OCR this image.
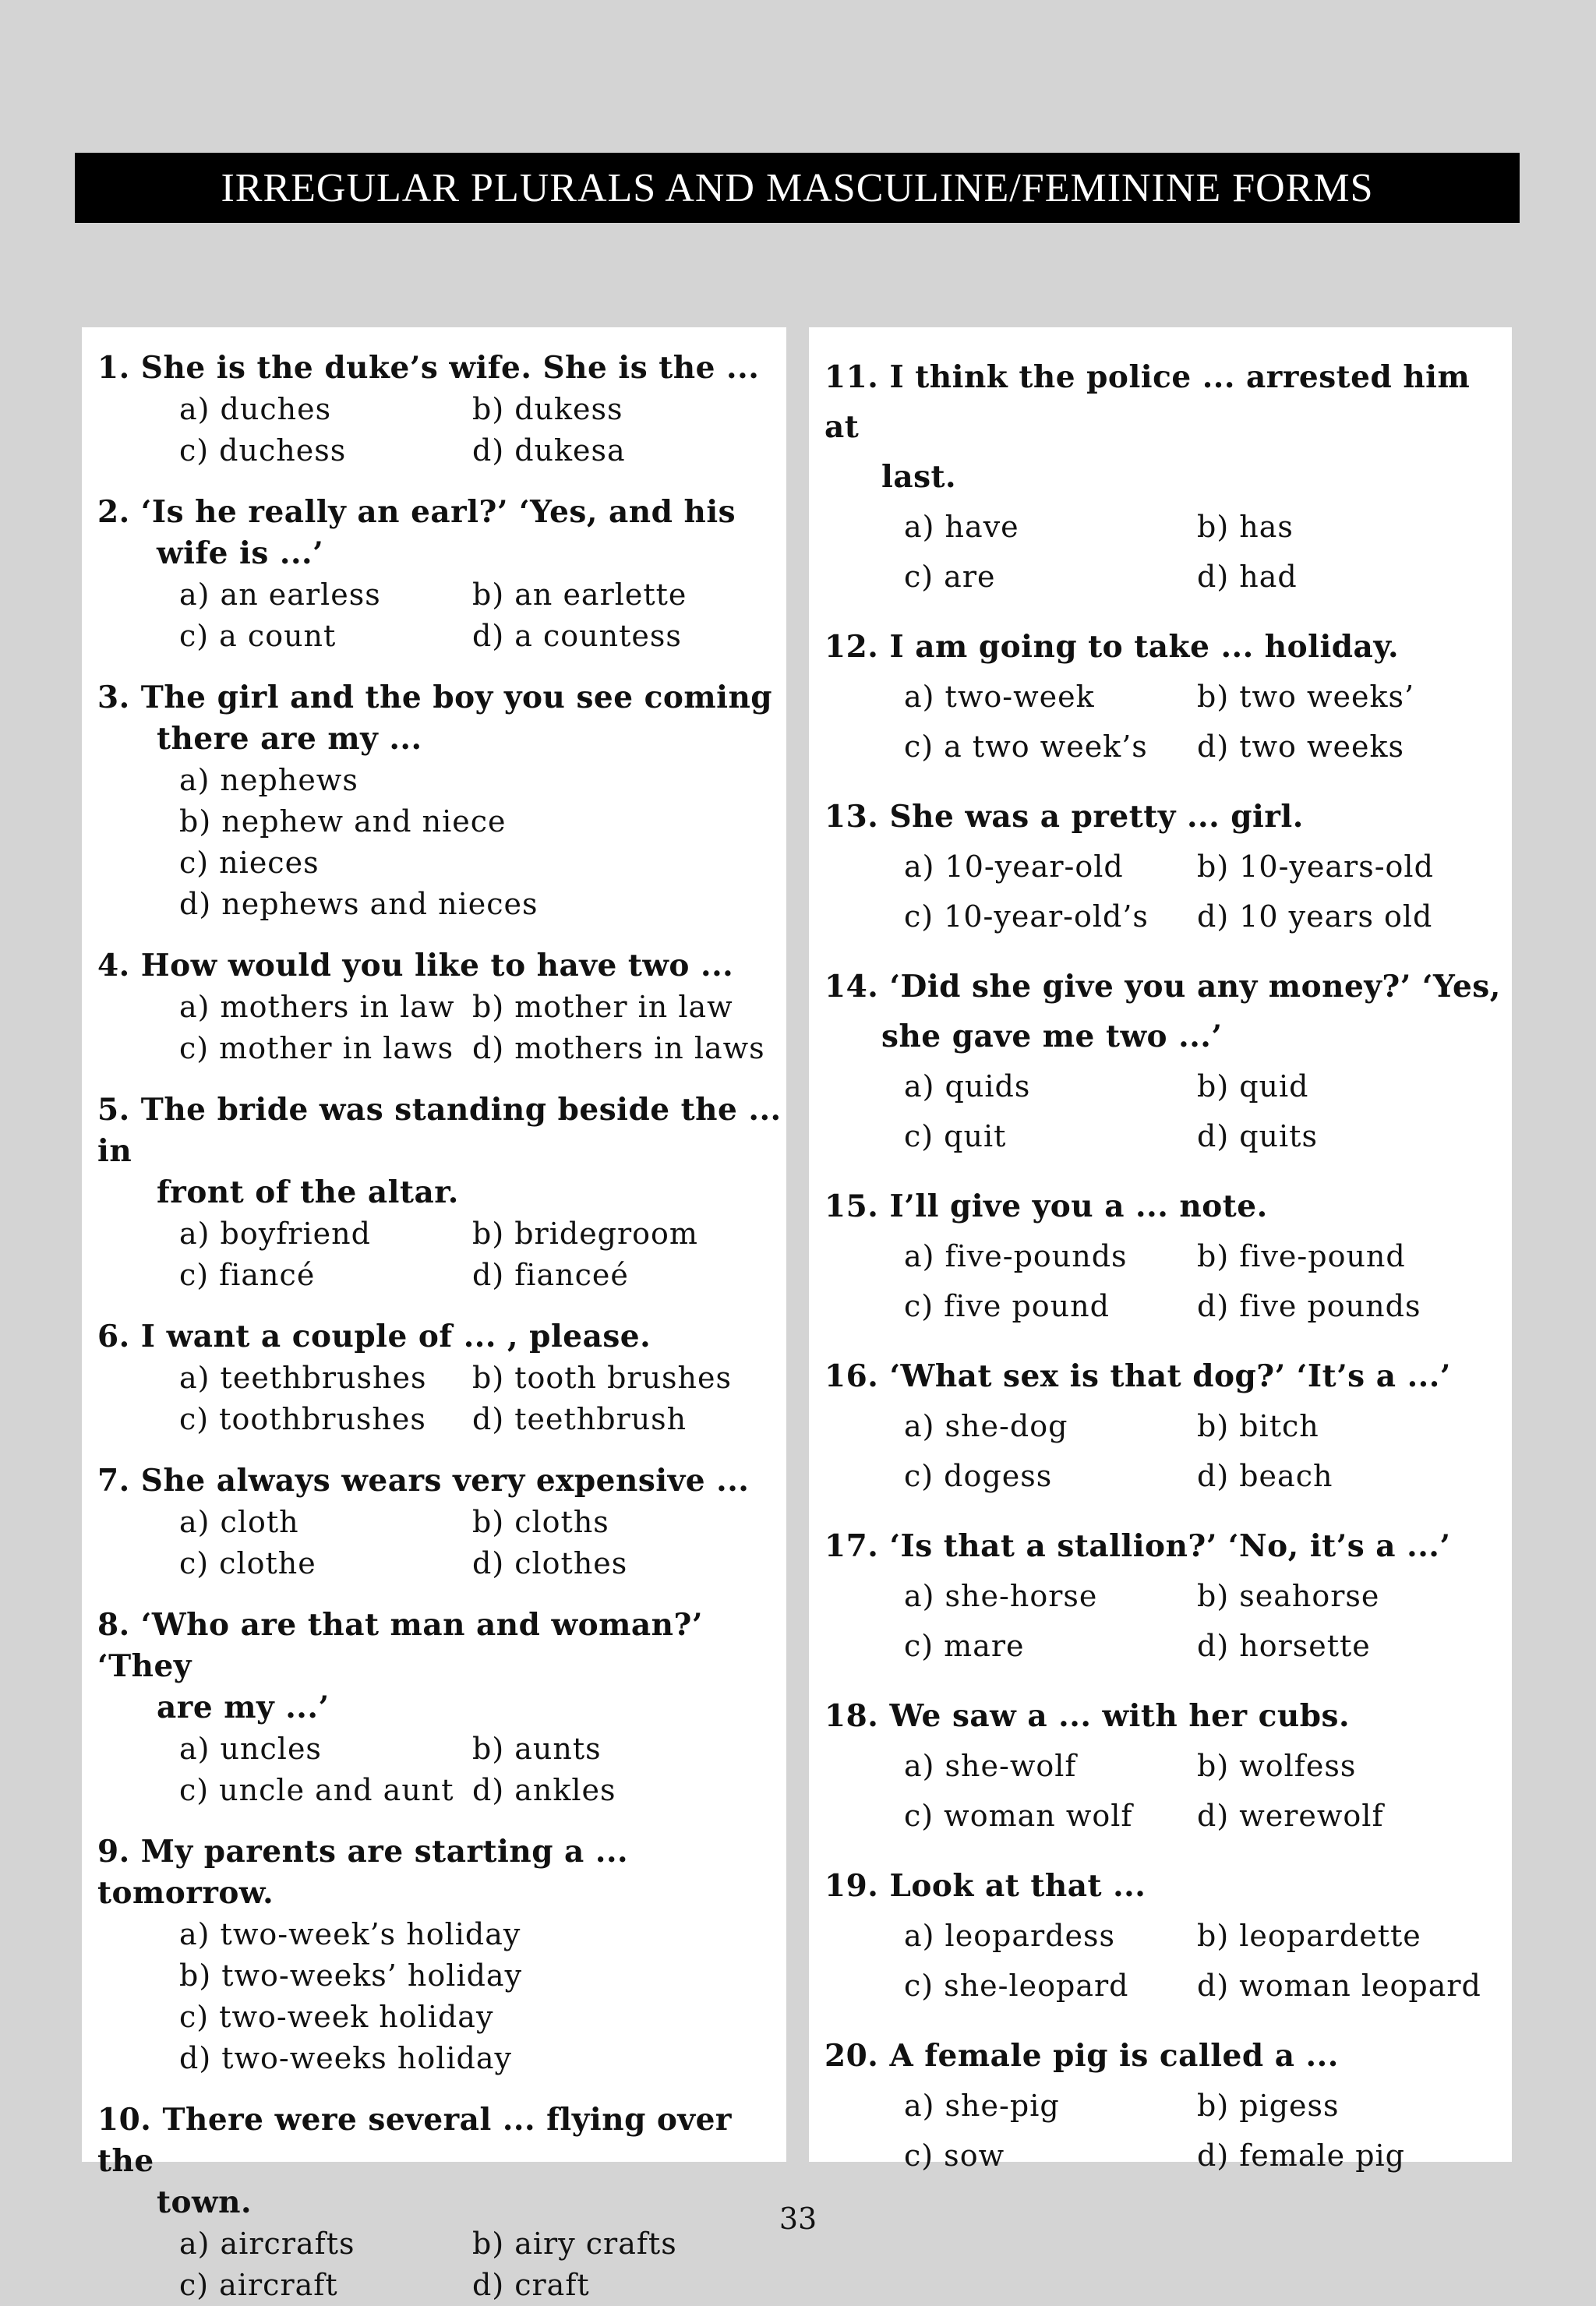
IRREGULAR PLURALS AND MASCULINE/FEMININE FORMS
1. She is the duke’s wife. She is the ...
a) duches	b) dukess
c) duchess	d) dukesa
2. ‘Is he really an earl?’ ‘Yes, and his
wife is ...’
a) an earless	b) an earlette
c) a count	d) a countess
3. The girl and the boy you see coming
there are my ...
a) nephews
b) nephew and niece
c) nieces
d) nephews and nieces
4. How would you like to have two ...
a) mothers in law b) mother in law
c) mother in laws d) mothers in laws
5. The bride was standing beside the ... in
front of the altar.
a) boyfriend	b) bridegroom
c) fiancé	d) fianceé
6. I want a couple of ... , please.
a) teethbrushes	b) tooth brushes
c) toothbrushes	d) teethbrush
7. She always wears very expensive ...
a) cloth	b) cloths
c) clothe	d) clothes
8. ‘Who are that man and woman?’ ‘They
are my ...’
a) uncles	b) aunts
c) uncle and aunt d) ankles
9. My parents are starting a ... tomorrow.
a) two-week’s holiday
b) two-weeks’ holiday
c) two-week holiday
d) two-weeks holiday
10. There were several ... flying over the
town.
a) aircrafts	b) airy crafts
c) aircraft	d) craft
11. I think the police ... arrested him at
last.
a) have	b) has
c) are	d) had
12. I am going to take ... holiday.
a) two-week	b) two weeks’
c) a two week’s	d) two weeks
13. She was a pretty ... girl.
a) 10-year-old	b) 10-years-old
c) 10-year-old’s	d) 10 years old
14. ‘Did she give you any money?’ ‘Yes,
she gave me two ...’
a) quids	b) quid
c) quit	d) quits
15. I’ll give you a ... note.
a) five-pounds	b) five-pound
c) five pound	d) five pounds
16. ‘What sex is that dog?’ ‘It’s a ...’
a) she-dog	b) bitch
c) dogess	d) beach
17. ‘Is that a stallion?’ ‘No, it’s a ...’
a) she-horse	b) seahorse
c) mare	d) horsette
18. We saw a ... with her cubs.
a) she-wolf	b) wolfess
c) woman wolf	d) werewolf
19. Look at that ...
a) leopardess	b) leopardette
c) she-leopard	d) woman leopard
20. A female pig is called a ...
a) she-pig	b) pigess
c) sow	d) female pig
33
